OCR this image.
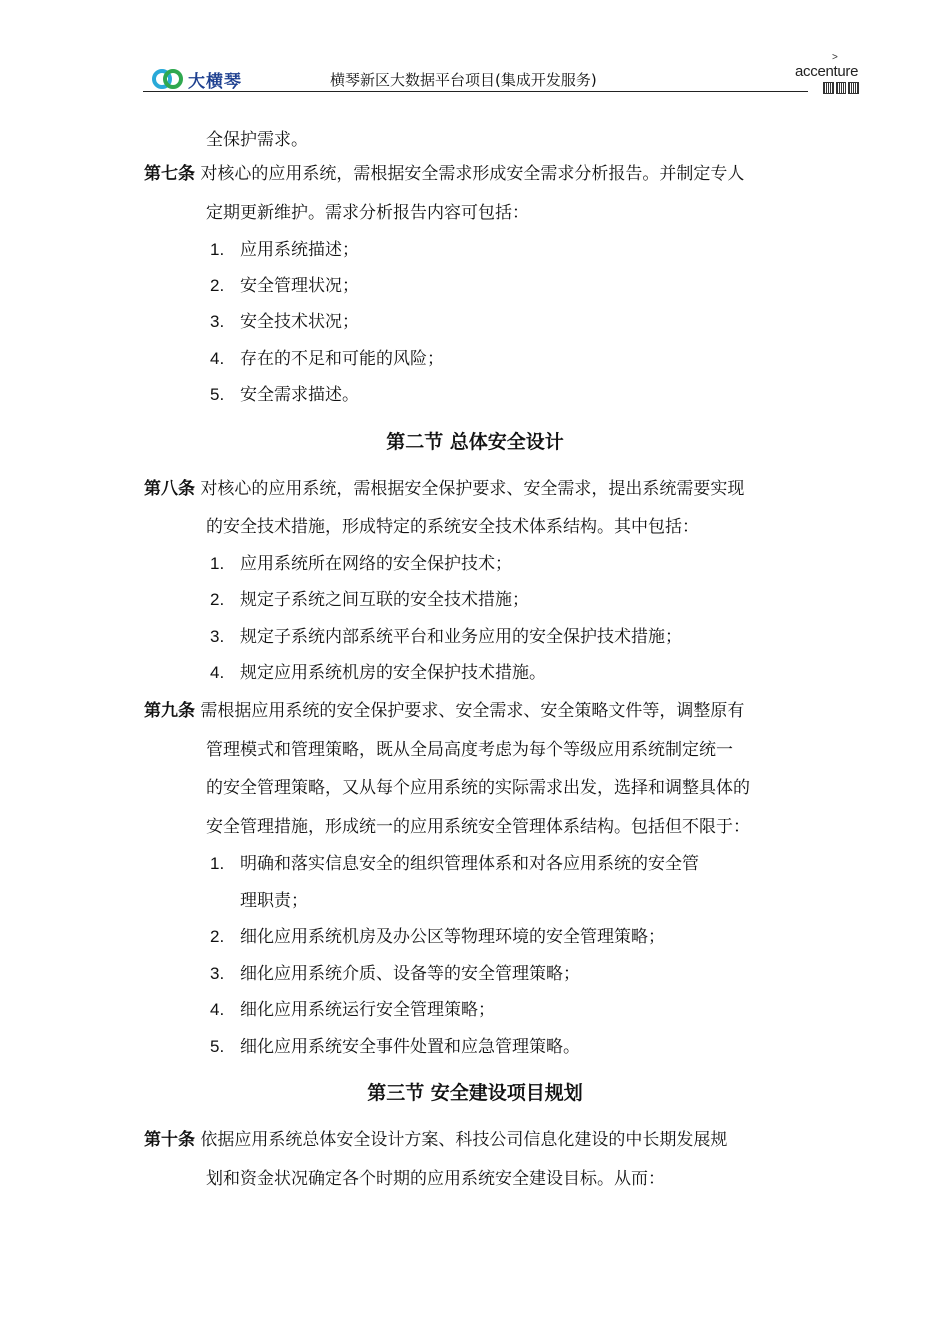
大横琴	横琴新区大数据平台项目(集成开发服务)
>
accenture
全保护需求。
第七条 对核心的应用系统，需根据安全需求形成安全需求分析报告。并制定专人
定期更新维护。需求分析报告内容可包括：
1. 应用系统描述；
2. 安全管理状况；
3. 安全技术状况；
4. 存在的不足和可能的风险；
5. 安全需求描述。
第二节 总体安全设计
第八条 对核心的应用系统，需根据安全保护要求、安全需求，提出系统需要实现
的安全技术措施，形成特定的系统安全技术体系结构。其中包括：
1. 应用系统所在网络的安全保护技术；
2. 规定子系统之间互联的安全技术措施；
3. 规定子系统内部系统平台和业务应用的安全保护技术措施；
4. 规定应用系统机房的安全保护技术措施。
第九条 需根据应用系统的安全保护要求、安全需求、安全策略文件等，调整原有
管理模式和管理策略，既从全局高度考虑为每个等级应用系统制定统一
的安全管理策略，又从每个应用系统的实际需求出发，选择和调整具体的
安全管理措施，形成统一的应用系统安全管理体系结构。包括但不限于：
1. 明确和落实信息安全的组织管理体系和对各应用系统的安全管
理职责；
2. 细化应用系统机房及办公区等物理环境的安全管理策略；
3. 细化应用系统介质、设备等的安全管理策略；
4. 细化应用系统运行安全管理策略；
5. 细化应用系统安全事件处置和应急管理策略。
第三节 安全建设项目规划
第十条 依据应用系统总体安全设计方案、科技公司信息化建设的中长期发展规
划和资金状况确定各个时期的应用系统安全建设目标。从而：
